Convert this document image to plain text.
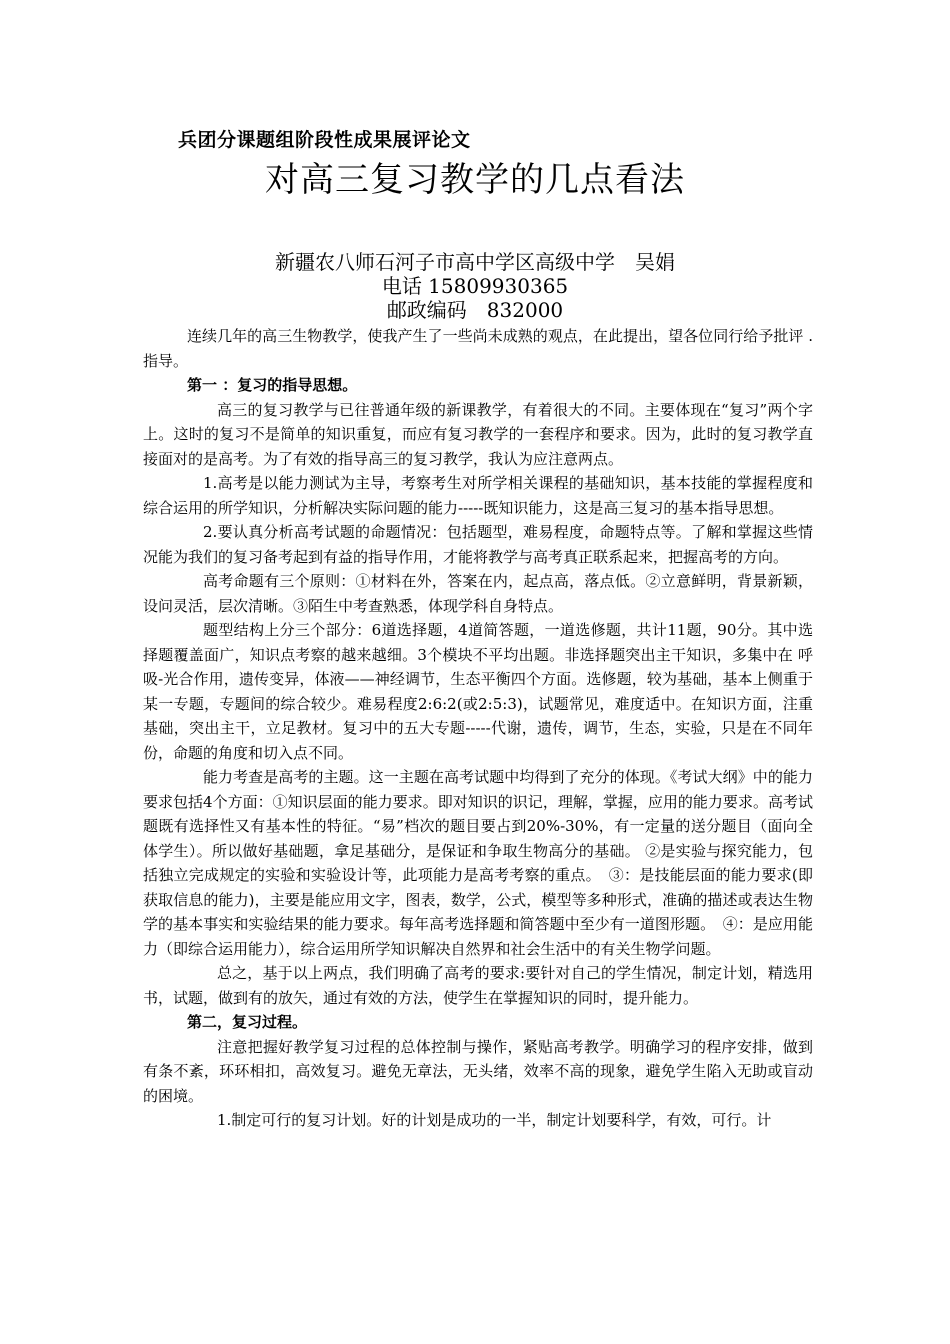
兵团分课题组阶段性成果展评论文
对高三复习教学的几点看法
新疆农八师石河子市高中学区高级中学　吴娟
电话 15809930365
邮政编码　832000

连续几年的高三生物教学，使我产生了一些尚未成熟的观点，在此提出，望各位同行给予批评 .指导。

第一 ：复习的指导思想。

高三的复习教学与已往普通年级的新课教学，有着很大的不同。主要体现在“复习”两个字上。这时的复习不是简单的知识重复，而应有复习教学的一套程序和要求。因为，此时的复习教学直接面对的是高考。为了有效的指导高三的复习教学，我认为应注意两点。

1.高考是以能力测试为主导，考察考生对所学相关课程的基础知识，基本技能的掌握程度和综合运用的所学知识，分析解决实际问题的能力-----既知识能力，这是高三复习的基本指导思想。

2.要认真分析高考试题的命题情况：包括题型，难易程度，命题特点等。了解和掌握这些情况能为我们的复习备考起到有益的指导作用，才能将教学与高考真正联系起来，把握高考的方向。

高考命题有三个原则：①材料在外，答案在内，起点高，落点低。②立意鲜明，背景新颖，设问灵活，层次清晰。③陌生中考查熟悉，体现学科自身特点。

题型结构上分三个部分：6道选择题，4道简答题，一道选修题，共计11题，90分。其中选择题覆盖面广，知识点考察的越来越细。3个模块不平均出题。非选择题突出主干知识，多集中在 呼吸-光合作用，遗传变异，体液——神经调节，生态平衡四个方面。选修题，较为基础，基本上侧重于某一专题，专题间的综合较少。难易程度2:6:2(或2:5:3)，试题常见，难度适中。在知识方面，注重基础，突出主干，立足教材。复习中的五大专题-----代谢，遗传，调节，生态，实验，只是在不同年份，命题的角度和切入点不同。

能力考查是高考的主题。这一主题在高考试题中均得到了充分的体现。《考试大纲》中的能力要求包括4个方面：①知识层面的能力要求。即对知识的识记，理解，掌握，应用的能力要求。高考试题既有选择性又有基本性的特征。“易”档次的题目要占到20%-30%，有一定量的送分题目（面向全体学生）。所以做好基础题，拿足基础分，是保证和争取生物高分的基础。 ②是实验与探究能力，包括独立完成规定的实验和实验设计等，此项能力是高考考察的重点。　③：是技能层面的能力要求(即获取信息的能力)，主要是能应用文字，图表，数学，公式，模型等多种形式，准确的描述或表达生物学的基本事实和实验结果的能力要求。每年高考选择题和简答题中至少有一道图形题。　④：是应用能力（即综合运用能力），综合运用所学知识解决自然界和社会生活中的有关生物学问题。

总之，基于以上两点，我们明确了高考的要求:要针对自己的学生情况，制定计划，精选用书，试题，做到有的放矢，通过有效的方法，使学生在掌握知识的同时，提升能力。

第二，复习过程。

注意把握好教学复习过程的总体控制与操作，紧贴高考教学。明确学习的程序安排，做到有条不紊，环环相扣，高效复习。避免无章法，无头绪，效率不高的现象，避免学生陷入无助或盲动的困境。

1.制定可行的复习计划。好的计划是成功的一半，制定计划要科学，有效，可行。计
